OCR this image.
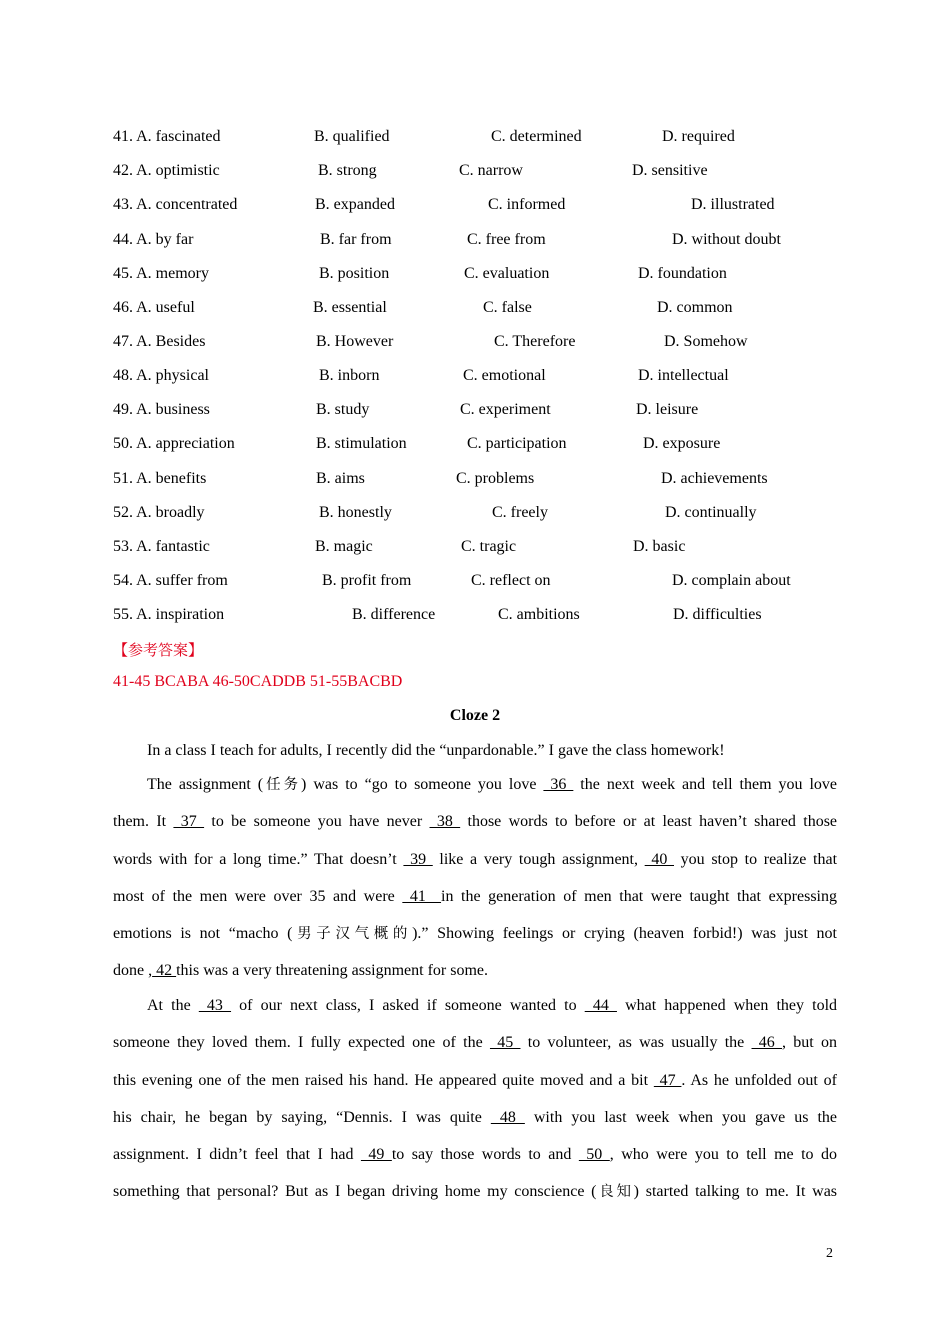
41. A. fascinated	B. qualified	C. determined	D. required
42. A. optimistic	B. strong	C. narrow	D. sensitive
43. A. concentrated	B. expanded	C. informed	D. illustrated
44. A. by far	B. far from	C. free from	D. without doubt
45. A. memory	B. position	C. evaluation	D. foundation
46. A. useful	B. essential	C. false	D. common
47. A. Besides	B. However	C. Therefore	D. Somehow
48. A. physical	B. inborn	C. emotional	D. intellectual
49. A. business	B. study	C. experiment	D. leisure
50. A. appreciation	B. stimulation	C. participation	D. exposure
51. A. benefits	B. aims	C. problems	D. achievements
52. A. broadly	B. honestly	C. freely	D. continually
53. A. fantastic	B. magic	C. tragic	D. basic
54. A. suffer from	B. profit from	C. reflect on	D. complain about
55. A. inspiration	B. difference	C. ambitions	D. difficulties
【参考答案】
41-45 BCABA 46-50CADDB 51-55BACBD
Cloze 2
In a class I teach for adults, I recently did the “unpardonable.” I gave the class homework!
The assignment (任务) was to “go to someone you love  36  the next week and tell them you love
them. It  37  to be someone you have never  38  those words to before or at least haven’t shared those
words with for a long time.” That doesn’t  39  like a very tough assignment,  40  you stop to realize that
most of the men were over 35 and were  41  in the generation of men that were taught that expressing
emotions is not “macho (男子汉气概的).” Showing feelings or crying (heaven forbid!) was just not
done , 42 this was a very threatening assignment for some.
At the  43  of our next class, I asked if someone wanted to  44  what happened when they told
someone they loved them. I fully expected one of the  45  to volunteer, as was usually the  46 , but on
this evening one of the men raised his hand. He appeared quite moved and a bit  47 . As he unfolded out of
his chair, he began by saying, “Dennis. I was quite  48  with you last week when you gave us the
assignment. I didn’t feel that I had  49 to say those words to and  50 , who were you to tell me to do
something that personal? But as I began driving home my conscience (良知) started talking to me. It was
2
